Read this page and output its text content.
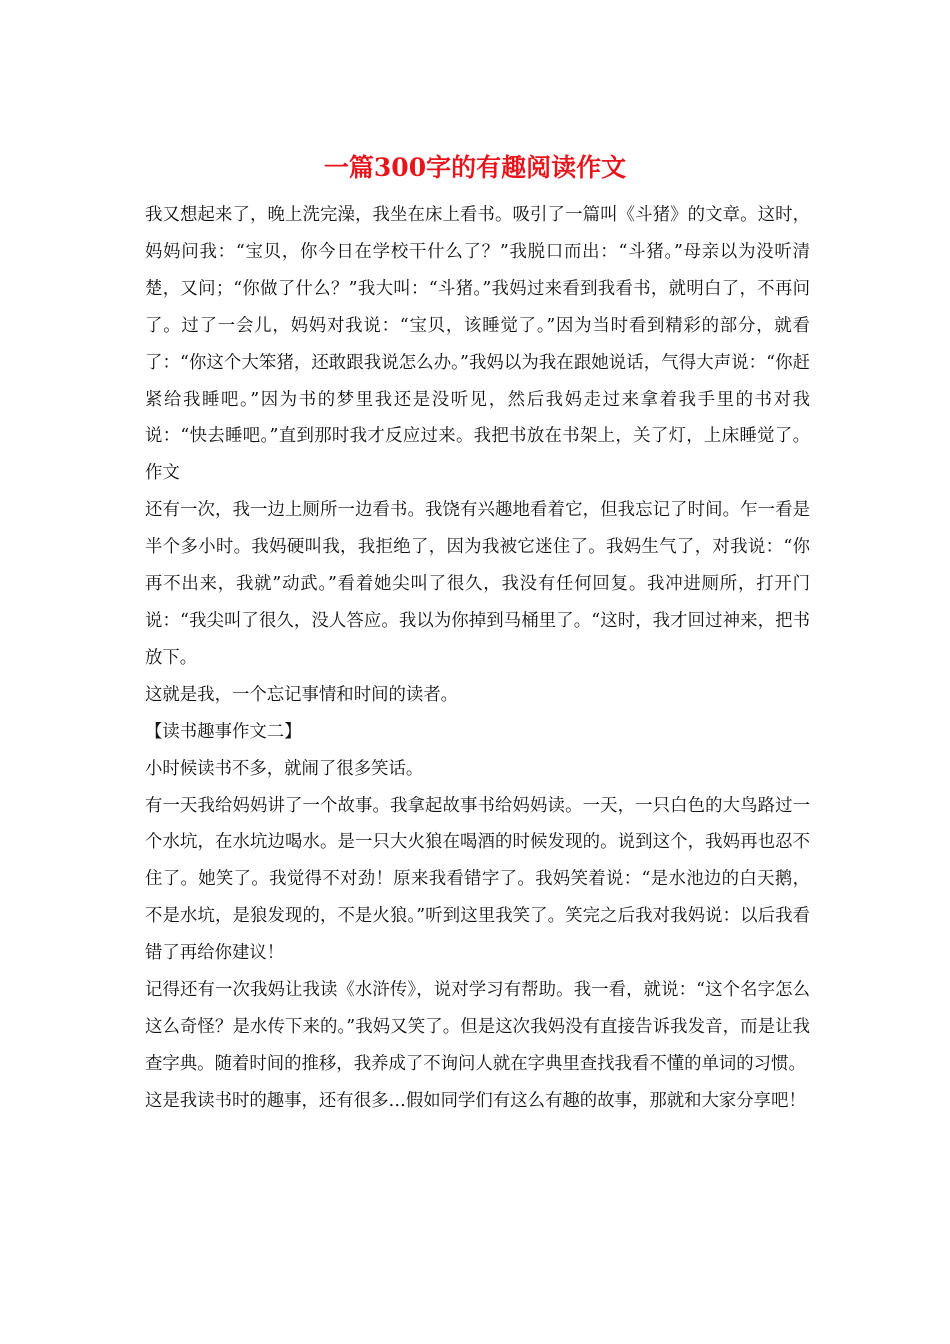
一篇300字的有趣阅读作文

我又想起来了，晚上洗完澡，我坐在床上看书。吸引了一篇叫《斗猪》的文章。这时，妈妈问我：“宝贝，你今日在学校干什么了？”我脱口而出：“斗猪。”母亲以为没听清楚，又问；“你做了什么？”我大叫：“斗猪。”我妈过来看到我看书，就明白了，不再问了。过了一会儿，妈妈对我说：“宝贝，该睡觉了。”因为当时看到精彩的部分，就看了：“你这个大笨猪，还敢跟我说怎么办。”我妈以为我在跟她说话，气得大声说：“你赶紧给我睡吧。”因为书的梦里我还是没听见，然后我妈走过来拿着我手里的书对我说：“快去睡吧。”直到那时我才反应过来。我把书放在书架上，关了灯，上床睡觉了。作文

还有一次，我一边上厕所一边看书。我饶有兴趣地看着它，但我忘记了时间。乍一看是半个多小时。我妈硬叫我，我拒绝了，因为我被它迷住了。我妈生气了，对我说：“你再不出来，我就”动武。”看着她尖叫了很久，我没有任何回复。我冲进厕所，打开门说：“我尖叫了很久，没人答应。我以为你掉到马桶里了。“这时，我才回过神来，把书放下。

这就是我，一个忘记事情和时间的读者。

【读书趣事作文二】

小时候读书不多，就闹了很多笑话。

有一天我给妈妈讲了一个故事。我拿起故事书给妈妈读。一天，一只白色的大鸟路过一个水坑，在水坑边喝水。是一只大火狼在喝酒的时候发现的。说到这个，我妈再也忍不住了。她笑了。我觉得不对劲！原来我看错字了。我妈笑着说：“是水池边的白天鹅，不是水坑，是狼发现的，不是火狼。”听到这里我笑了。笑完之后我对我妈说：以后我看错了再给你建议！

记得还有一次我妈让我读《水浒传》，说对学习有帮助。我一看，就说：“这个名字怎么这么奇怪？是水传下来的。”我妈又笑了。但是这次我妈没有直接告诉我发音，而是让我查字典。随着时间的推移，我养成了不询问人就在字典里查找我看不懂的单词的习惯。

这是我读书时的趣事，还有很多…假如同学们有这么有趣的故事，那就和大家分享吧！
